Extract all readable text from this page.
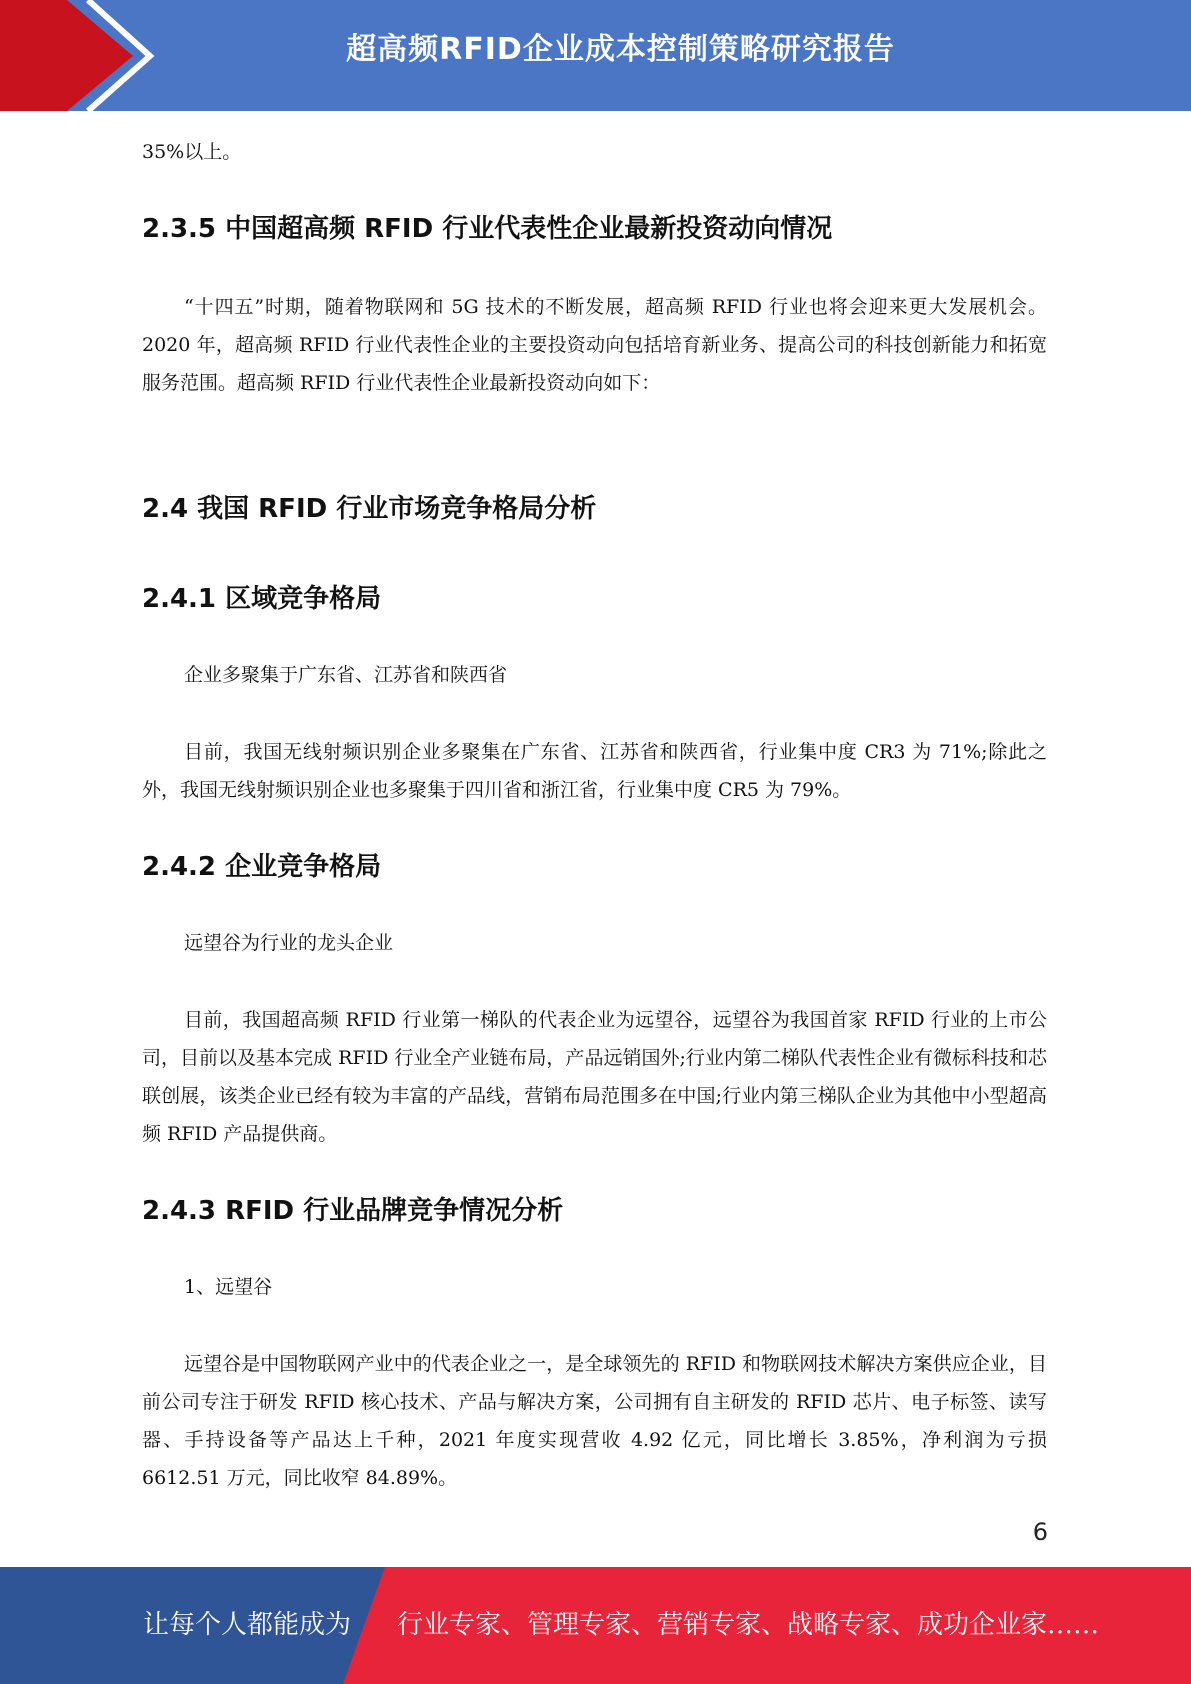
超高频RFID企业成本控制策略研究报告

35%以上。

2.3.5 中国超高频 RFID 行业代表性企业最新投资动向情况

“十四五”时期，随着物联网和 5G 技术的不断发展，超高频 RFID 行业也将会迎来更大发展机会。2020 年，超高频 RFID 行业代表性企业的主要投资动向包括培育新业务、提高公司的科技创新能力和拓宽服务范围。超高频 RFID 行业代表性企业最新投资动向如下：

2.4 我国 RFID 行业市场竞争格局分析
2.4.1 区域竞争格局

企业多聚集于广东省、江苏省和陕西省

目前，我国无线射频识别企业多聚集在广东省、江苏省和陕西省，行业集中度 CR3 为 71%;除此之外，我国无线射频识别企业也多聚集于四川省和浙江省，行业集中度 CR5 为 79%。

2.4.2 企业竞争格局

远望谷为行业的龙头企业

目前，我国超高频 RFID 行业第一梯队的代表企业为远望谷，远望谷为我国首家 RFID 行业的上市公司，目前以及基本完成 RFID 行业全产业链布局，产品远销国外;行业内第二梯队代表性企业有微标科技和芯联创展，该类企业已经有较为丰富的产品线，营销布局范围多在中国;行业内第三梯队企业为其他中小型超高频 RFID 产品提供商。

2.4.3 RFID 行业品牌竞争情况分析

1、远望谷

远望谷是中国物联网产业中的代表企业之一，是全球领先的 RFID 和物联网技术解决方案供应企业，目前公司专注于研发 RFID 核心技术、产品与解决方案，公司拥有自主研发的 RFID 芯片、电子标签、读写器、手持设备等产品达上千种，2021 年度实现营收 4.92 亿元，同比增长 3.85%，净利润为亏损 6612.51 万元，同比收窄 84.89%。

6
让每个人都能成为 行业专家、管理专家、营销专家、战略专家、成功企业家……
